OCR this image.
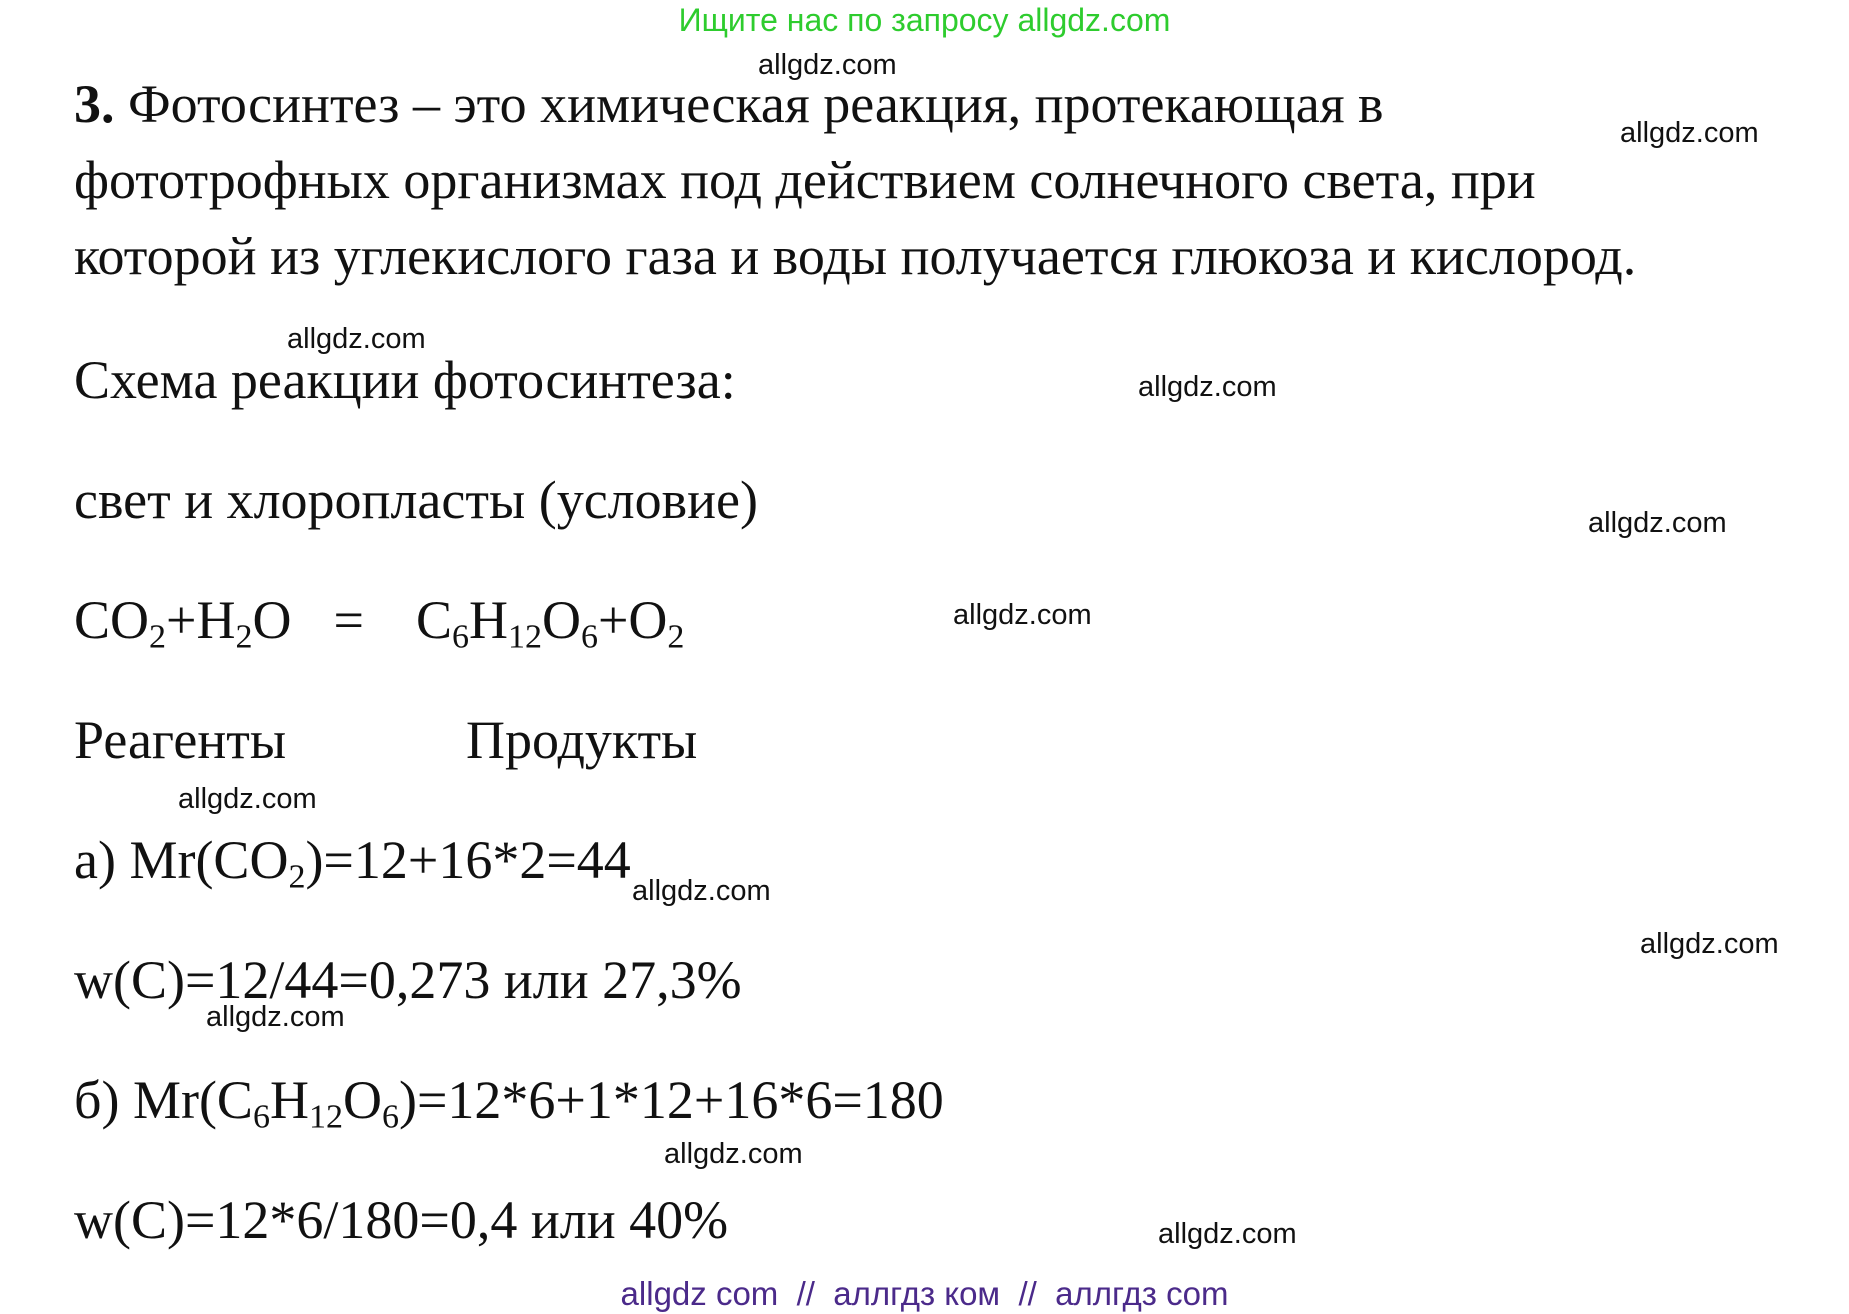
Ищите нас по запросу allgdz.com
allgdz.com
allgdz.com
allgdz.com
allgdz.com
allgdz.com
allgdz.com
allgdz.com
allgdz.com
allgdz.com
allgdz.com
allgdz.com
allgdz.com
3. Фотосинтез – это химическая реакция, протекающая в
фототрофных организмах под действием солнечного света, при
которой из углекислого газа и воды получается глюкоза и кислород.
Схема реакции фотосинтеза:
свет и хлоропласты (условие)
$CO_2+H_2O = C_6H_{12}O_6+O_2$
Реагенты	Продукты
а) $Mr(CO_2)=12+16*2=44$
w(C)=12/44=0,273 или 27,3%
б) $Mr(C_6H_{12}O_6)=12*6+1*12+16*6=180$
w(C)=12*6/180=0,4 или 40%
allgdz com  //  аллгдз ком  //  аллгдз com
